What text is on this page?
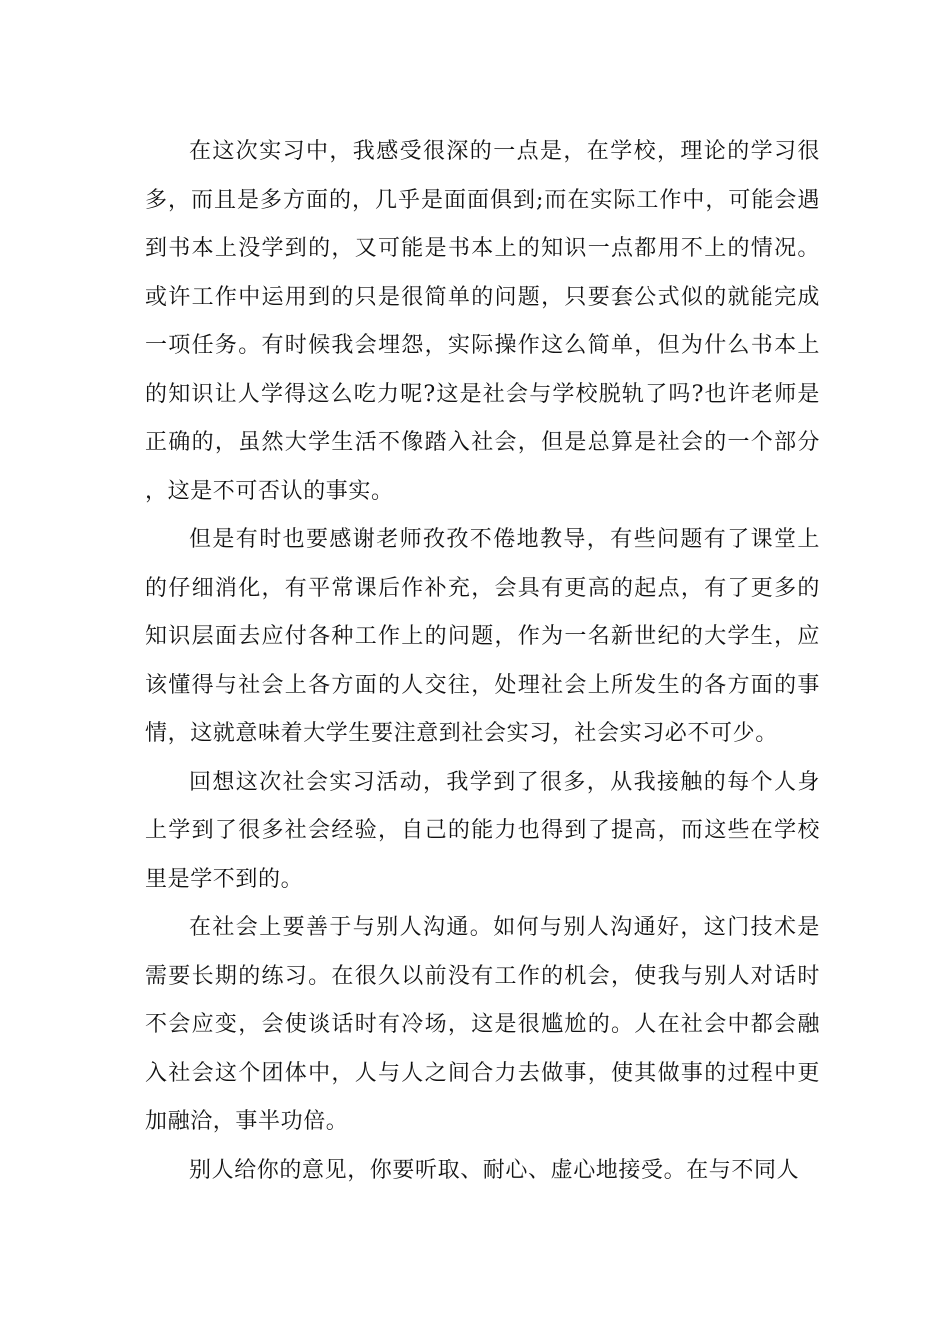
在这次实习中，我感受很深的一点是，在学校，理论的学习很多，而且是多方面的，几乎是面面俱到;而在实际工作中，可能会遇到书本上没学到的，又可能是书本上的知识一点都用不上的情况。或许工作中运用到的只是很简单的问题，只要套公式似的就能完成一项任务。有时候我会埋怨，实际操作这么简单，但为什么书本上的知识让人学得这么吃力呢?这是社会与学校脱轨了吗?也许老师是正确的，虽然大学生活不像踏入社会，但是总算是社会的一个部分，这是不可否认的事实。

但是有时也要感谢老师孜孜不倦地教导，有些问题有了课堂上的仔细消化，有平常课后作补充，会具有更高的起点，有了更多的知识层面去应付各种工作上的问题，作为一名新世纪的大学生，应该懂得与社会上各方面的人交往，处理社会上所发生的各方面的事情，这就意味着大学生要注意到社会实习，社会实习必不可少。

回想这次社会实习活动，我学到了很多，从我接触的每个人身上学到了很多社会经验，自己的能力也得到了提高，而这些在学校里是学不到的。

在社会上要善于与别人沟通。如何与别人沟通好，这门技术是需要长期的练习。在很久以前没有工作的机会，使我与别人对话时不会应变，会使谈话时有冷场，这是很尴尬的。人在社会中都会融入社会这个团体中，人与人之间合力去做事，使其做事的过程中更加融洽，事半功倍。

别人给你的意见，你要听取、耐心、虚心地接受。在与不同人
